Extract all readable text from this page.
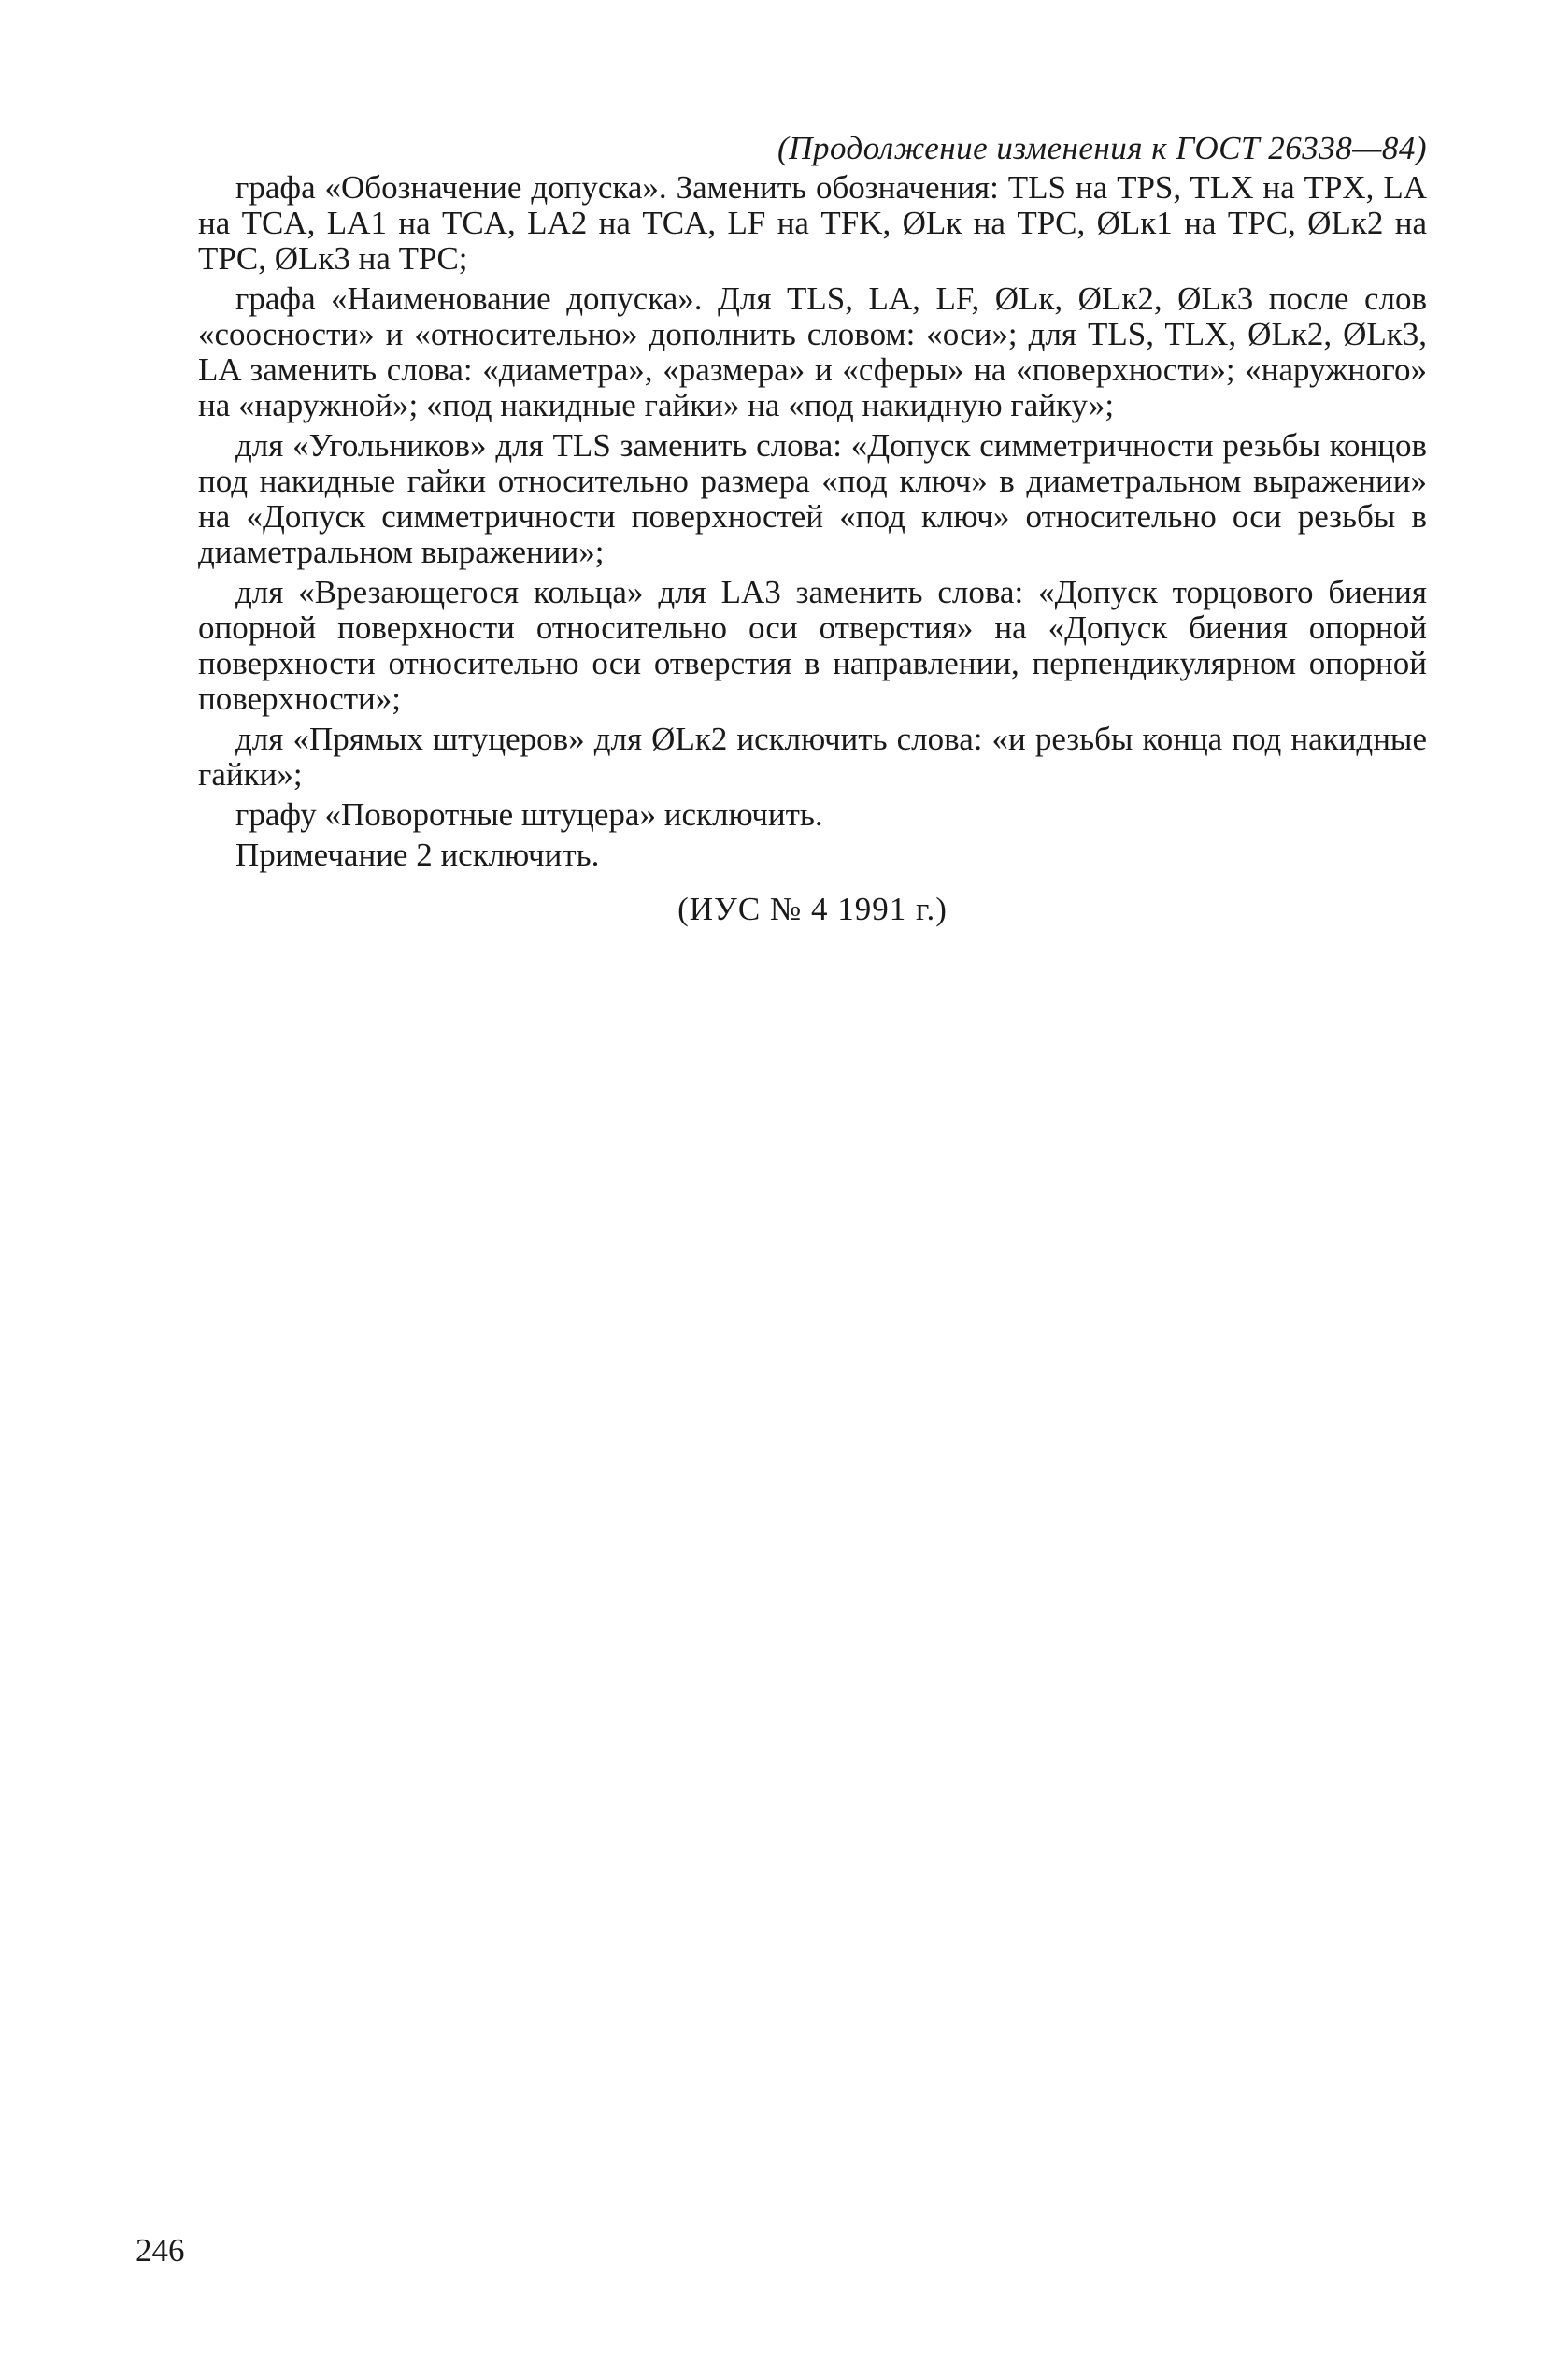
(Продолжение изменения к ГОСТ 26338—84)

графа «Обозначение допуска». Заменить обозначения: TLS на TPS, TLX на TPX, LA на TCA, LA1 на TCA, LA2 на TCA, LF на TFK, ØLк на TPC, ØLк1 на TPC, ØLк2 на TPC, ØLк3 на TPC;

графа «Наименование допуска». Для TLS, LA, LF, ØLк, ØLк2, ØLк3 после слов «соосности» и «относительно» дополнить словом: «оси»; для TLS, TLX, ØLк2, ØLк3, LA заменить слова: «диаметра», «размера» и «сферы» на «поверхности»; «наружного» на «наружной»; «под накидные гайки» на «под накидную гайку»;

для «Угольников» для TLS заменить слова: «Допуск симметричности резьбы концов под накидные гайки относительно размера «под ключ» в диаметральном выражении» на «Допуск симметричности поверхностей «под ключ» относительно оси резьбы в диаметральном выражении»;

для «Врезающегося кольца» для LA3 заменить слова: «Допуск торцового биения опорной поверхности относительно оси отверстия» на «Допуск биения опорной поверхности относительно оси отверстия в направлении, перпендикулярном опорной поверхности»;

для «Прямых штуцеров» для ØLк2 исключить слова: «и резьбы конца под накидные гайки»;

графу «Поворотные штуцера» исключить.

Примечание 2 исключить.

(ИУС № 4 1991 г.)
246
